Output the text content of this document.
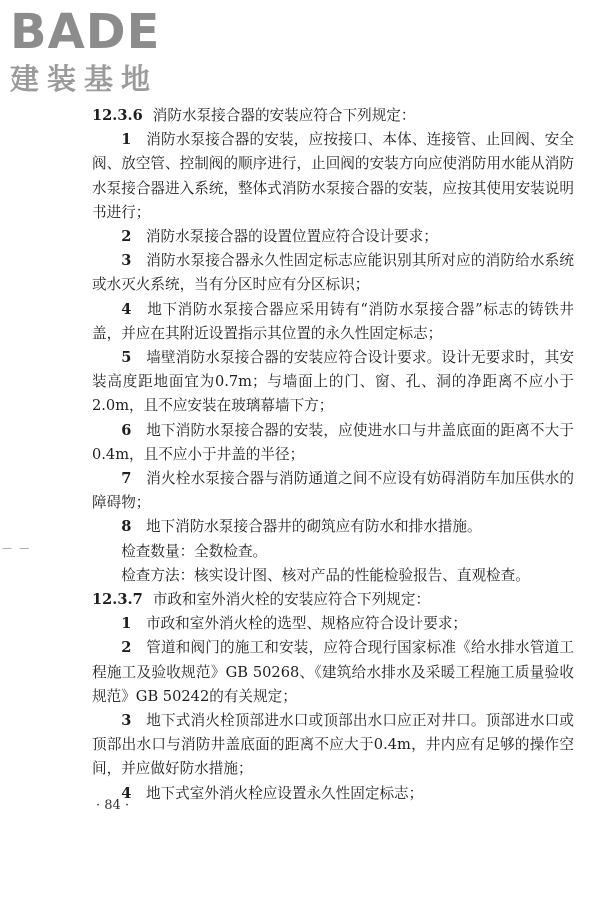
BADE
建装基地
— —

12.3.6 消防水泵接合器的安装应符合下列规定：

1　 消防水泵接合器的安装，应按接口、本体、连接管、止回阀、安全阀、放空管、控制阀的顺序进行，止回阀的安装方向应使消防用水能从消防水泵接合器进入系统，整体式消防水泵接合器的安装，应按其使用安装说明书进行；

2　 消防水泵接合器的设置位置应符合设计要求；

3　 消防水泵接合器永久性固定标志应能识别其所对应的消防给水系统或水灭火系统，当有分区时应有分区标识；

4　 地下消防水泵接合器应采用铸有“消防水泵接合器”标志的铸铁井盖，并应在其附近设置指示其位置的永久性固定标志；

5　 墙壁消防水泵接合器的安装应符合设计要求。设计无要求时，其安装高度距地面宜为0.7m；与墙面上的门、窗、孔、洞的净距离不应小于2.0m，且不应安装在玻璃幕墙下方；

6　 地下消防水泵接合器的安装，应使进水口与井盖底面的距离不大于0.4m，且不应小于井盖的半径；

7　 消火栓水泵接合器与消防通道之间不应设有妨碍消防车加压供水的障碍物；

8　 地下消防水泵接合器井的砌筑应有防水和排水措施。

检查数量：全数检查。

检查方法：核实设计图、核对产品的性能检验报告、直观检查。

12.3.7 市政和室外消火栓的安装应符合下列规定：

1　 市政和室外消火栓的选型、规格应符合设计要求；

2　 管道和阀门的施工和安装，应符合现行国家标准《给水排水管道工程施工及验收规范》GB 50268、《建筑给水排水及采暖工程施工质量验收规范》GB 50242的有关规定；

3　 地下式消火栓顶部进水口或顶部出水口应正对井口。顶部进水口或顶部出水口与消防井盖底面的距离不应大于0.4m，井内应有足够的操作空间，并应做好防水措施；

4　 地下式室外消火栓应设置永久性固定标志；

· 84 ·
